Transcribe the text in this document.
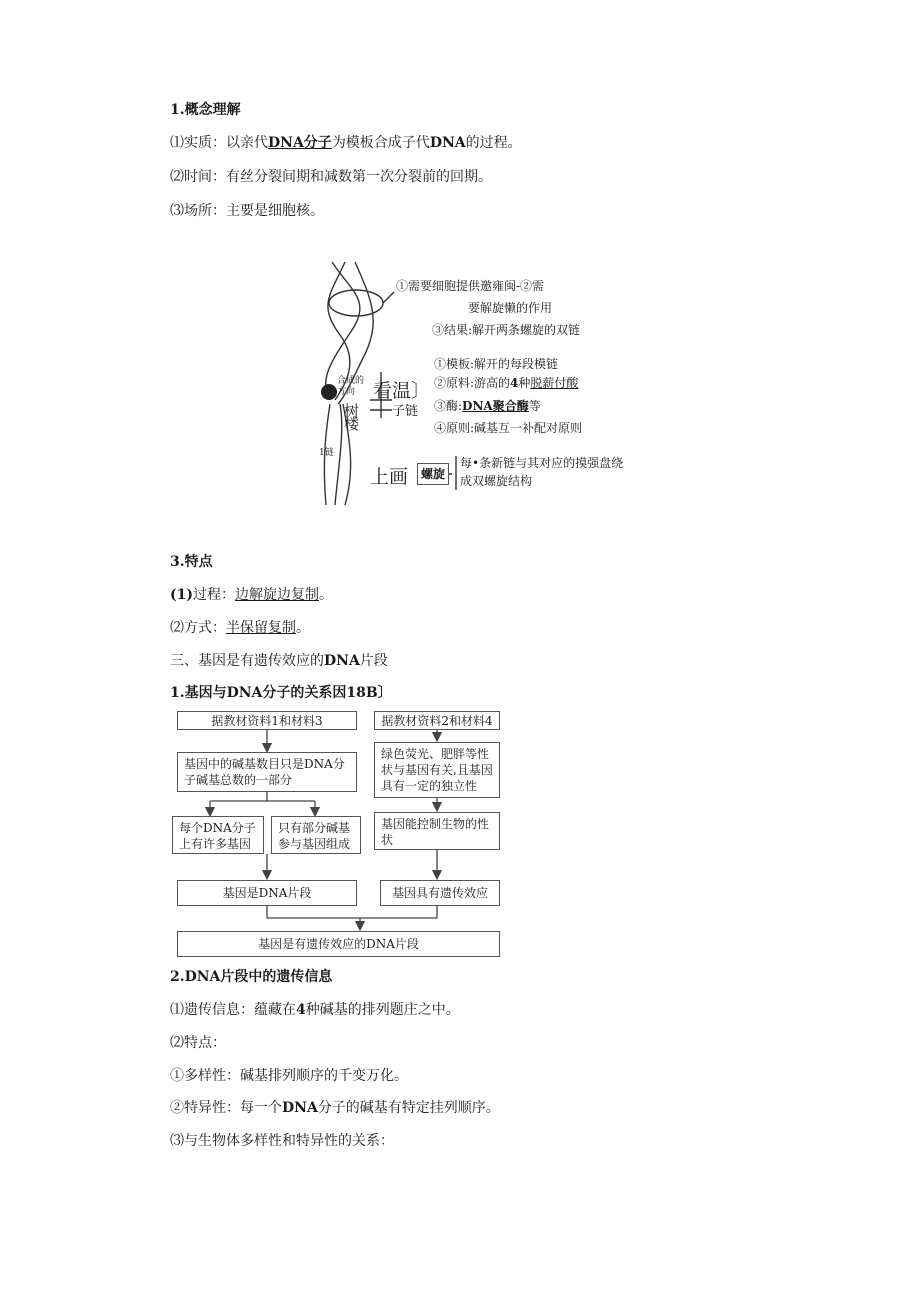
1.概念理解
⑴实质：以亲代DNA分子为模板合成子代DNA的过程。
⑵时间：有丝分裂间期和减数第一次分裂前的回期。
⑶场所：主要是细胞核。
①需要细胞提供邀雍闽-②需
要解旋懒的作用
③结果:解开两条螺旋的双链
①模板:解开的每段模链
②原料:游高的4种脱薪付酸
③酶:DNA聚合酶等
④原则:碱基互一补配对原则
看温〕
树
楼
子链
合成的
方向
1链
上画	螺旋
每•条新链与其对应的摸强盘绕
成双螺旋结构
3.特点
(1)过程：边解旋边复制。
⑵方式：半保留复制。
三、基因是有遗传效应的DNA片段
1.基因与DNA分子的关系因18B〕
据教材资料1和材料3
基因中的碱基数目只是DNA分子碱基总数的一部分
每个DNA分子上有许多基因
只有部分碱基参与基因组成
基因是DNA片段
据教材资料2和材料4
绿色荧光、肥胖等性状与基因有关,且基因具有一定的独立性
基因能控制生物的性状
基因具有遗传效应
基因是有遗传效应的DNA片段
2.DNA片段中的遗传信息
⑴遗传信息：蕴藏在4种碱基的排列题庄之中。
⑵特点：
①多样性：碱基排列顺序的千变万化。
②特异性：每一个DNA分子的碱基有特定挂列顺序。
⑶与生物体多样性和特异性的关系：
